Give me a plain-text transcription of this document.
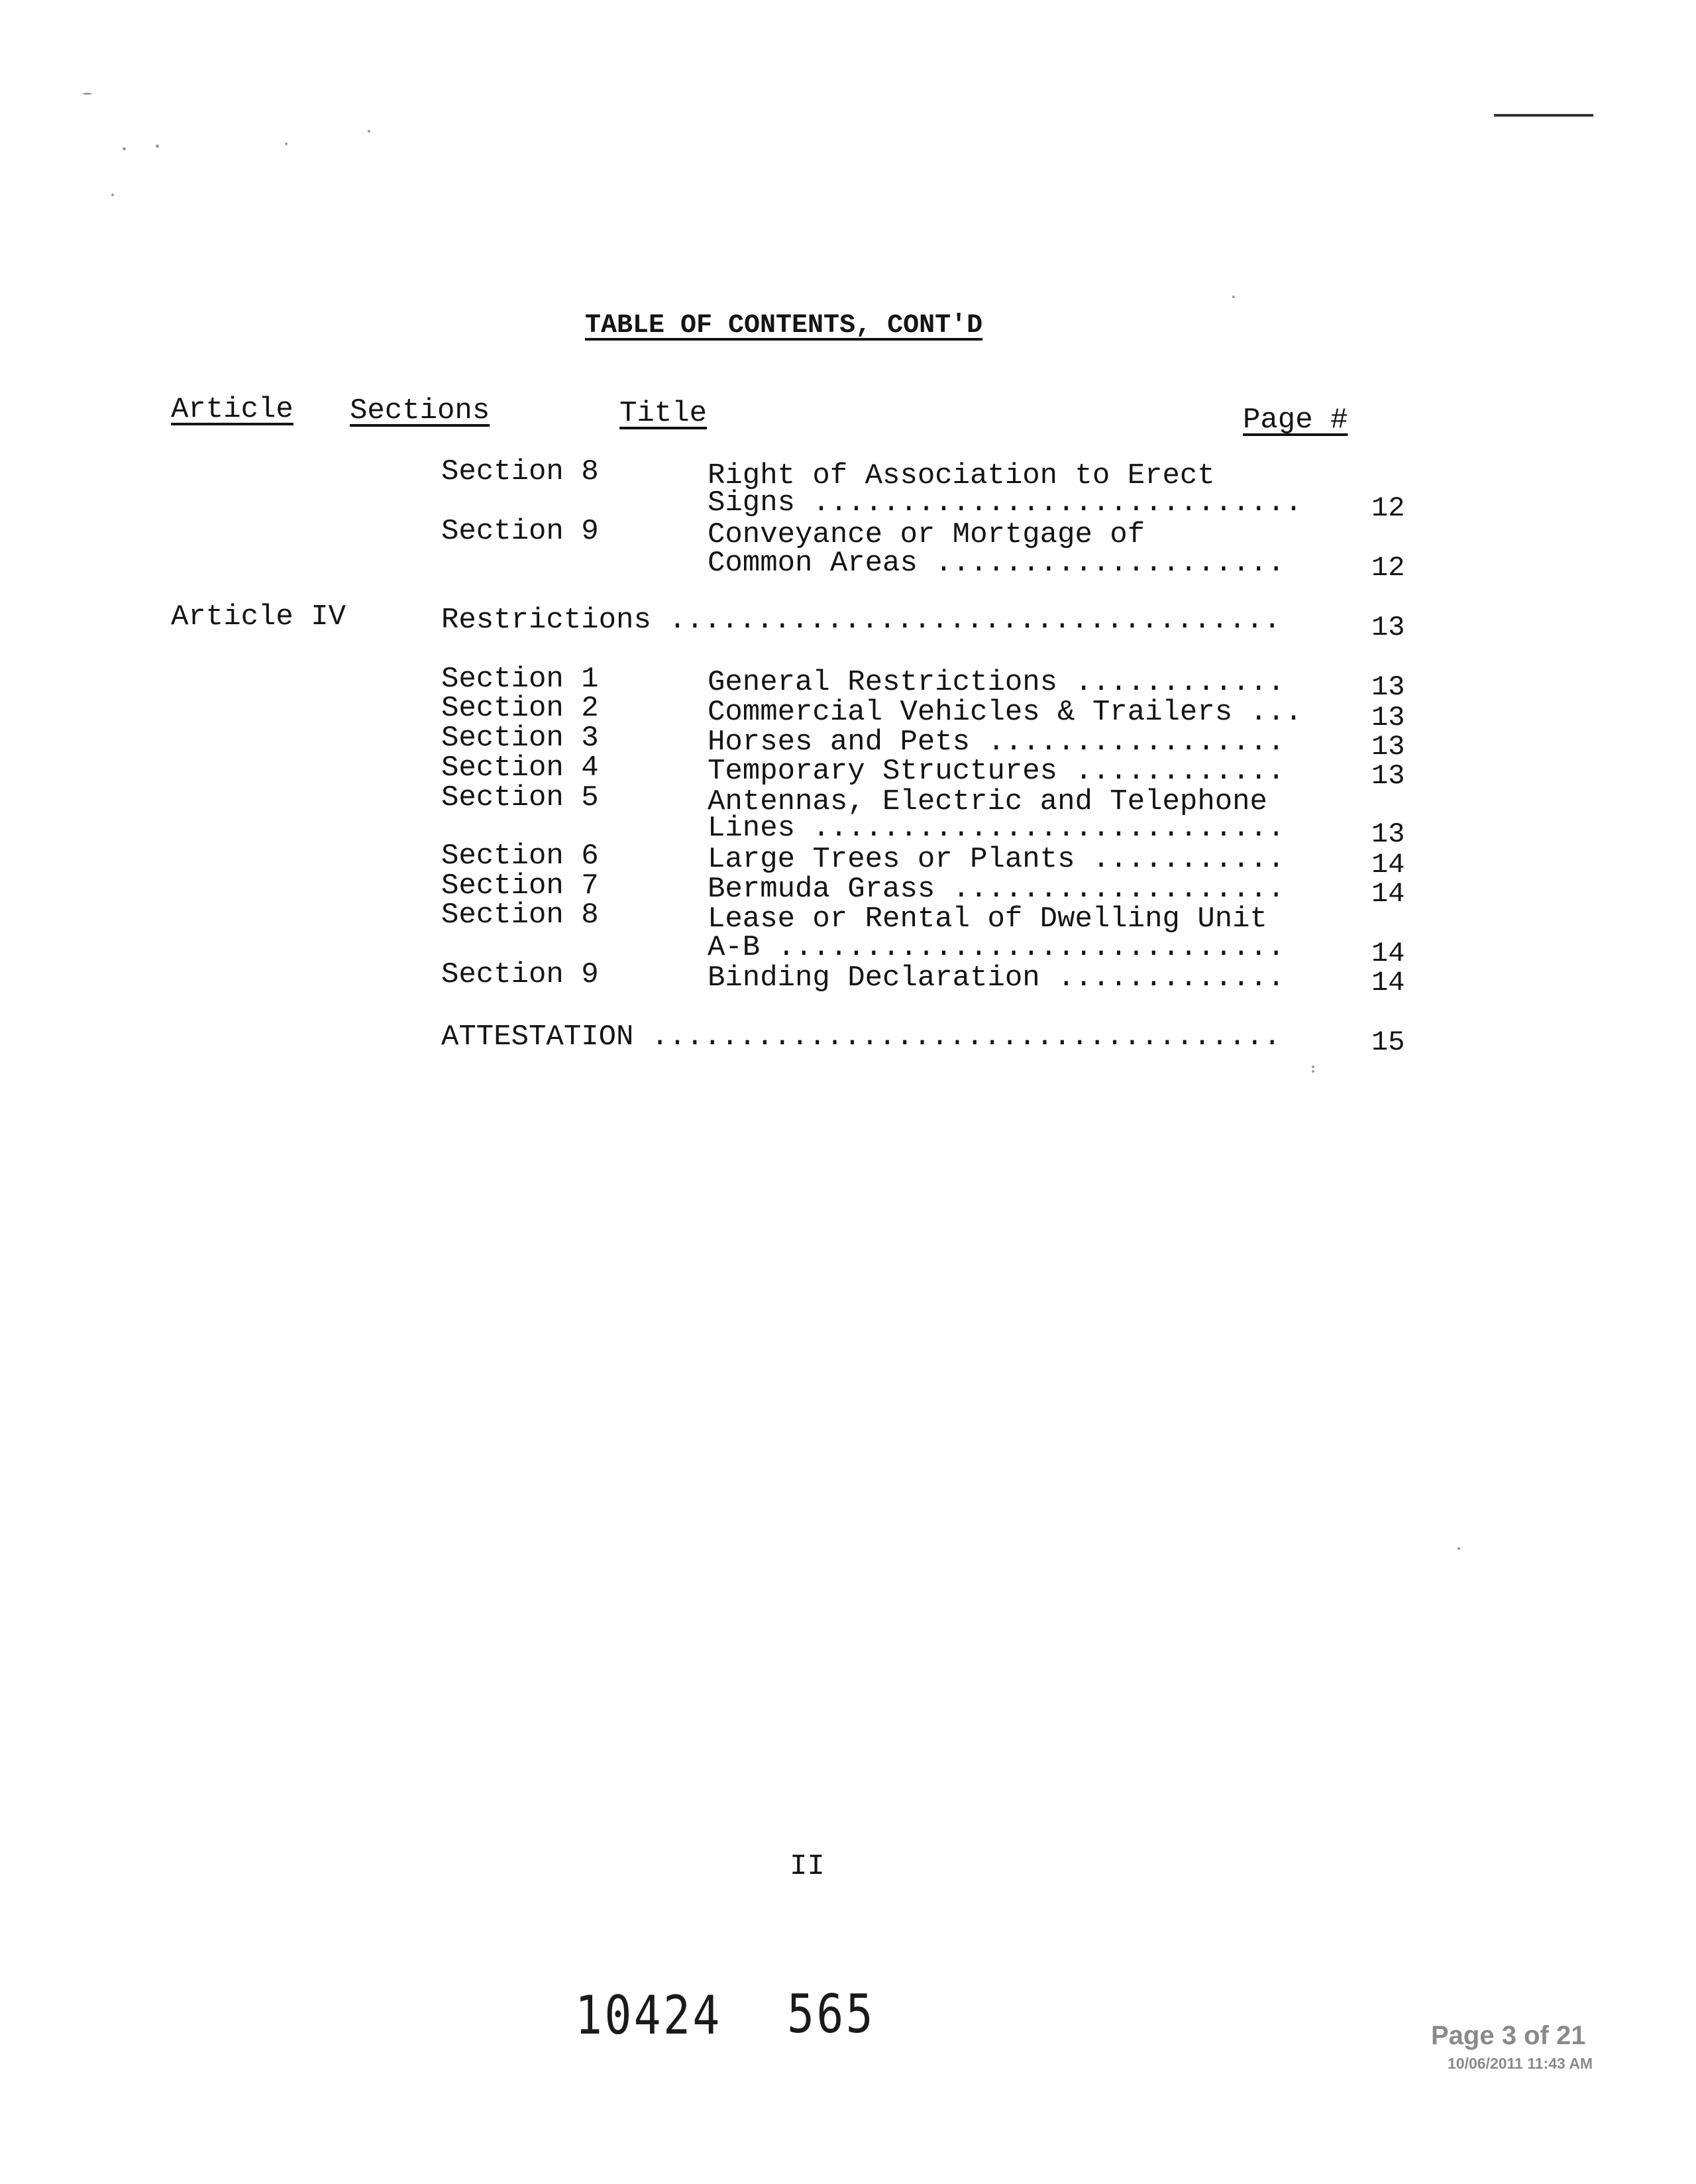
TABLE OF CONTENTS, CONT'D
Article Sections	Title	Page #
Section 8	Right of Association to Erect
Signs ............................ 12
Section 9	Conveyance or Mortgage of
Common Areas ....................	12
Article IV	Restrictions ...................................	13
Section 1	General Restrictions ............	13
Section 2	Commercial Vehicles & Trailers ... 13
Section 3	Horses and Pets .................	13
Section 4	Temporary Structures ............	13
Section 5	Antennas, Electric and Telephone
Lines ...........................	13
Section 6	Large Trees or Plants ...........	14
Section 7	Bermuda Grass ...................	14
Section 8	Lease or Rental of Dwelling Unit
A-B .............................	14
Section 9	Binding Declaration .............	14
ATTESTATION ....................................	15
II
10424 565	Page 3 of 21
10/06/2011 11:43 AM
